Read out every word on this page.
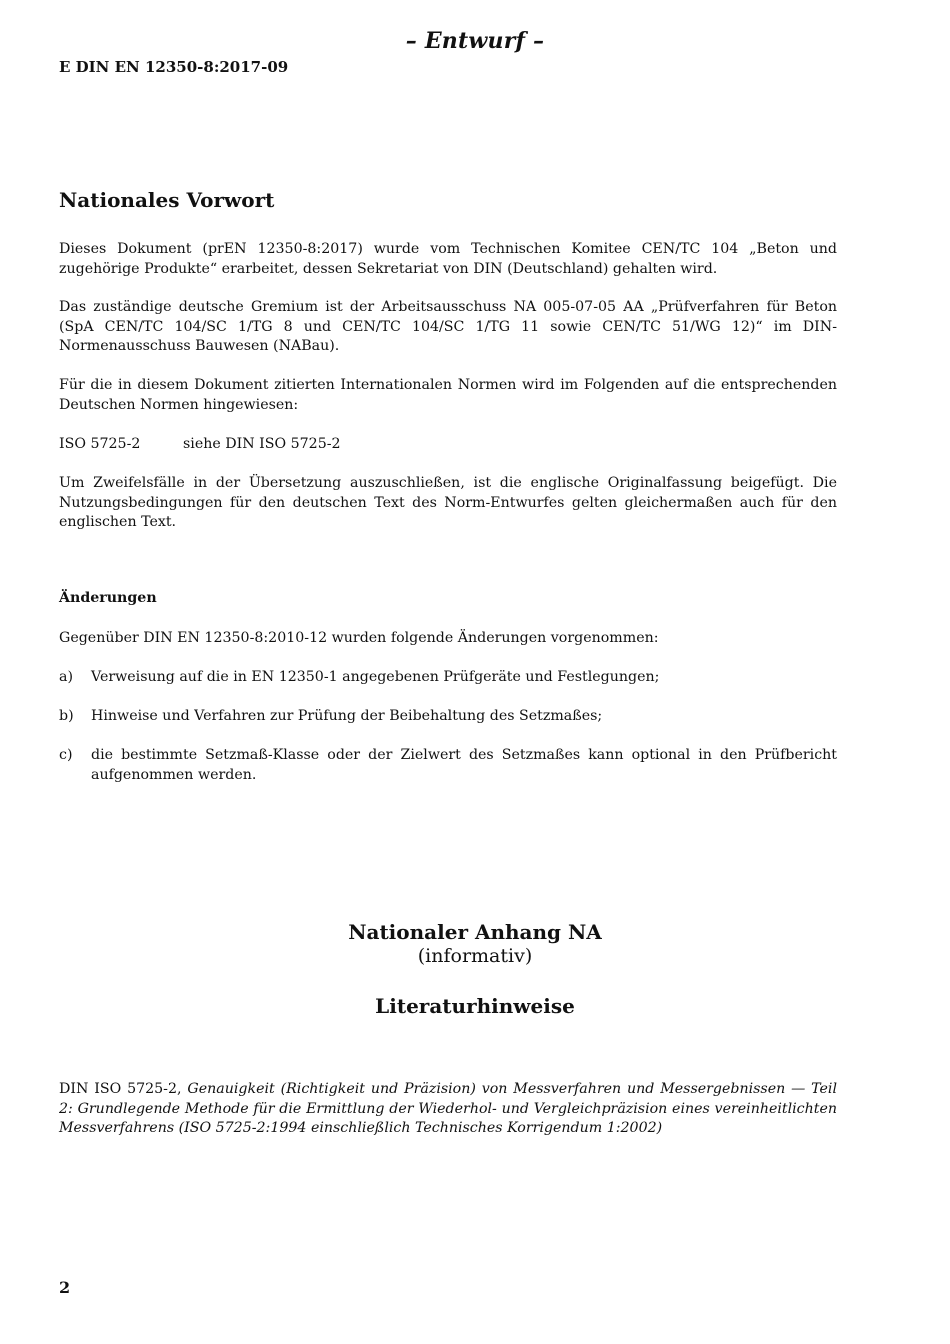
– Entwurf –
E DIN EN 12350-8:2017-09
Nationales Vorwort

Dieses Dokument (prEN 12350-8:2017) wurde vom Technischen Komitee CEN/TC 104 „Beton und zugehörige Produkte“ erarbeitet, dessen Sekretariat von DIN (Deutschland) gehalten wird.

Das zuständige deutsche Gremium ist der Arbeitsausschuss NA 005-07-05 AA „Prüfverfahren für Beton (SpA CEN/TC 104/SC 1/TG 8 und CEN/TC 104/SC 1/TG 11 sowie CEN/TC 51/WG 12)“ im DIN-Normenausschuss Bauwesen (NABau).

Für die in diesem Dokument zitierten Internationalen Normen wird im Folgenden auf die entsprechenden Deutschen Normen hingewiesen:

ISO 5725-2	siehe DIN ISO 5725-2

Um Zweifelsfälle in der Übersetzung auszuschließen, ist die englische Originalfassung beigefügt. Die Nutzungsbedingungen für den deutschen Text des Norm-Entwurfes gelten gleichermaßen auch für den englischen Text.

Änderungen

Gegenüber DIN EN 12350-8:2010-12 wurden folgende Änderungen vorgenommen:

a)	Verweisung auf die in EN 12350-1 angegebenen Prüfgeräte und Festlegungen;
b)	Hinweise und Verfahren zur Prüfung der Beibehaltung des Setzmaßes;
c)	die bestimmte Setzmaß-Klasse oder der Zielwert des Setzmaßes kann optional in den Prüfbericht aufgenommen werden.
Nationaler Anhang NA
(informativ)
Literaturhinweise
DIN ISO 5725-2, Genauigkeit (Richtigkeit und Präzision) von Messverfahren und Messergebnissen — Teil 2: Grundlegende Methode für die Ermittlung der Wiederhol- und Vergleichpräzision eines vereinheitlichten Messverfahrens (ISO 5725-2:1994 einschließlich Technisches Korrigendum 1:2002)
2
